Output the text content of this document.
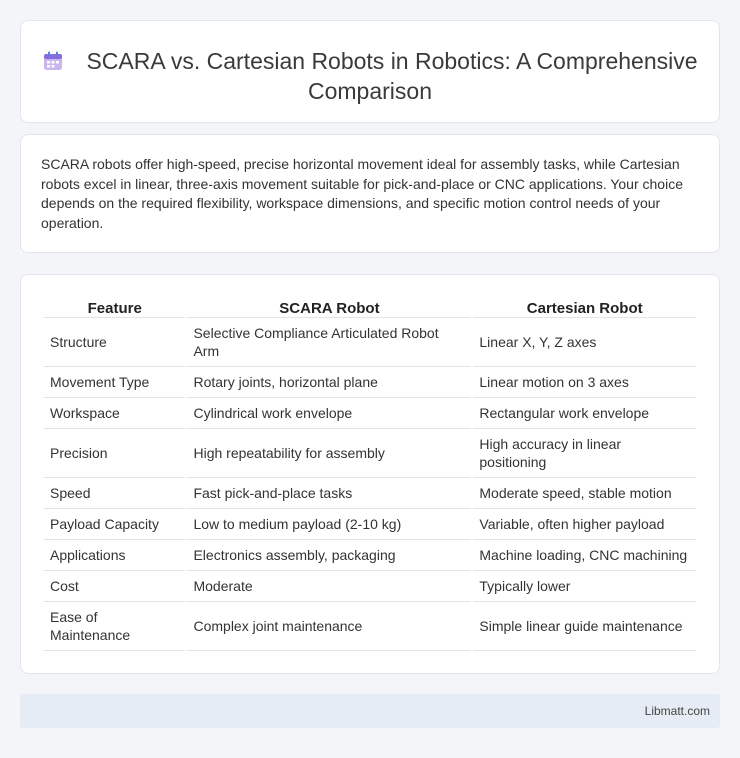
SCARA vs. Cartesian Robots in Robotics: A Comprehensive Comparison

SCARA robots offer high-speed, precise horizontal movement ideal for assembly tasks, while Cartesian robots excel in linear, three-axis movement suitable for pick-and-place or CNC applications. Your choice depends on the required flexibility, workspace dimensions, and specific motion control needs of your operation.

Feature	SCARA Robot	Cartesian Robot
Structure	Selective Compliance Articulated Robot Arm	Linear X, Y, Z axes
Movement Type	Rotary joints, horizontal plane	Linear motion on 3 axes
Workspace	Cylindrical work envelope	Rectangular work envelope
Precision	High repeatability for assembly	High accuracy in linear positioning
Speed	Fast pick-and-place tasks	Moderate speed, stable motion
Payload Capacity	Low to medium payload (2-10 kg)	Variable, often higher payload
Applications	Electronics assembly, packaging	Machine loading, CNC machining
Cost	Moderate	Typically lower
Ease of Maintenance	Complex joint maintenance	Simple linear guide maintenance
Libmatt.com
